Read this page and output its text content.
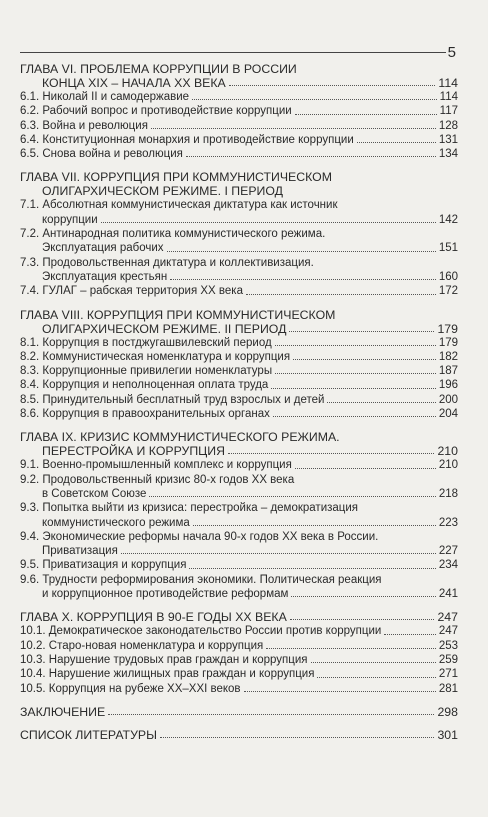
5
ГЛАВА VI. ПРОБЛЕМА КОРРУПЦИИ В РОССИИ
КОНЦА XIX – НАЧАЛА XX ВЕКА	114
6.1. Николай II и самодержавие	114
6.2. Рабочий вопрос и противодействие коррупции	117
6.3. Война и революция	128
6.4. Конституционная монархия и противодействие коррупции	131
6.5. Снова война и революция	134
ГЛАВА VII. КОРРУПЦИЯ ПРИ КОММУНИСТИЧЕСКОМ
ОЛИГАРХИЧЕСКОМ РЕЖИМЕ. I ПЕРИОД
7.1. Абсолютная коммунистическая диктатура как источник
коррупции	142
7.2. Антинародная политика коммунистического режима.
Эксплуатация рабочих	151
7.3. Продовольственная диктатура и коллективизация.
Эксплуатация крестьян	160
7.4. ГУЛАГ – рабская территория XX века	172
ГЛАВА VIII. КОРРУПЦИЯ ПРИ КОММУНИСТИЧЕСКОМ
ОЛИГАРХИЧЕСКОМ РЕЖИМЕ. II ПЕРИОД	179
8.1. Коррупция в постджугашвилевский период	179
8.2. Коммунистическая номенклатура и коррупция	182
8.3. Коррупционные привилегии номенклатуры	187
8.4. Коррупция и неполноценная оплата труда	196
8.5. Принудительный бесплатный труд взрослых и детей	200
8.6. Коррупция в правоохранительных органах	204
ГЛАВА IX. КРИЗИС КОММУНИСТИЧЕСКОГО РЕЖИМА.
ПЕРЕСТРОЙКА И КОРРУПЦИЯ	210
9.1. Военно-промышленный комплекс и коррупция	210
9.2. Продовольственный кризис 80-х годов XX века
в Советском Союзе	218
9.3. Попытка выйти из кризиса: перестройка – демократизация
коммунистического режима	223
9.4. Экономические реформы начала 90-х годов XX века в России.
Приватизация	227
9.5. Приватизация и коррупция	234
9.6. Трудности реформирования экономики. Политическая реакция
и коррупционное противодействие реформам	241
ГЛАВА X. КОРРУПЦИЯ В 90-Е ГОДЫ XX ВЕКА	247
10.1. Демократическое законодательство России против коррупции	247
10.2. Старо-новая номенклатура и коррупция	253
10.3. Нарушение трудовых прав граждан и коррупция	259
10.4. Нарушение жилищных прав граждан и коррупция	271
10.5. Коррупция на рубеже XX–XXI веков	281
ЗАКЛЮЧЕНИЕ	298
СПИСОК ЛИТЕРАТУРЫ	301
